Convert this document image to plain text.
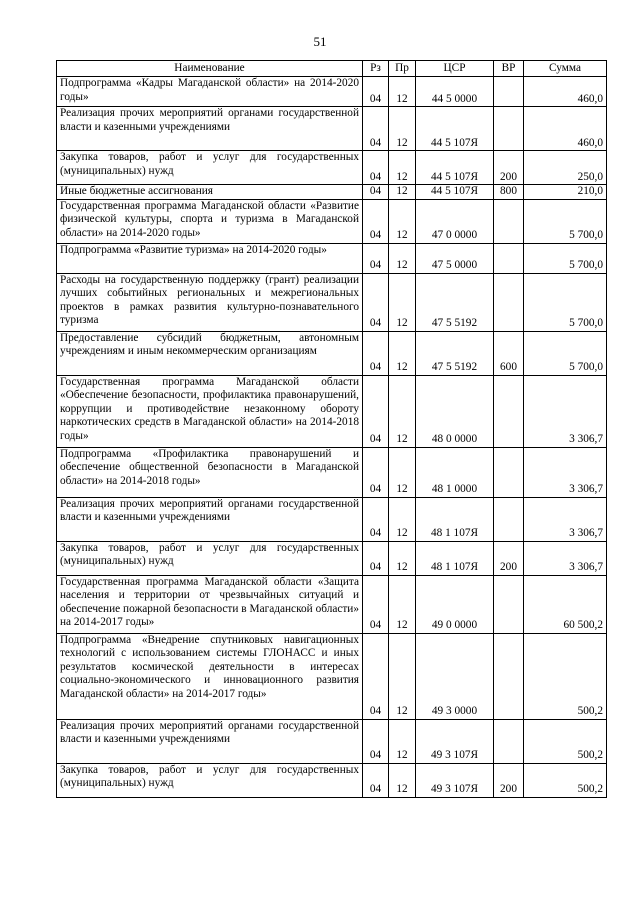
51
Наименование	Рз	Пр	ЦСР	ВР	Сумма
Подпрограмма «Кадры Магаданской области» на 2014-2020 годы»	04	12	44 5 0000		460,0
Реализация прочих мероприятий органами государственной власти и казенными учреждениями	04	12	44 5 107Я		460,0
Закупка товаров, работ и услуг для государственных (муниципальных) нужд	04	12	44 5 107Я	200	250,0
Иные бюджетные ассигнования	04	12	44 5 107Я	800	210,0
Государственная программа Магаданской области «Развитие физической культуры, спорта и туризма в Магаданской области» на 2014-2020 годы»	04	12	47 0 0000		5 700,0
Подпрограмма «Развитие туризма» на 2014-2020 годы»	04	12	47 5 0000		5 700,0
Расходы на государственную поддержку (грант) реализации лучших событийных региональных и межрегиональных проектов в рамках развития культурно-познавательного туризма	04	12	47 5 5192		5 700,0
Предоставление субсидий бюджетным, автономным учреждениям и иным некоммерческим организациям	04	12	47 5 5192	600	5 700,0
Государственная программа Магаданской области «Обеспечение безопасности, профилактика правонарушений, коррупции и противодействие незаконному обороту наркотических средств в Магаданской области» на 2014-2018 годы»	04	12	48 0 0000		3 306,7
Подпрограмма «Профилактика правонарушений и обеспечение общественной безопасности в Магаданской области» на 2014-2018 годы»	04	12	48 1 0000		3 306,7
Реализация прочих мероприятий органами государственной власти и казенными учреждениями	04	12	48 1 107Я		3 306,7
Закупка товаров, работ и услуг для государственных (муниципальных) нужд	04	12	48 1 107Я	200	3 306,7
Государственная программа Магаданской области «Защита населения и территории от чрезвычайных ситуаций и обеспечение пожарной безопасности в Магаданской области» на 2014-2017 годы»	04	12	49 0 0000		60 500,2
Подпрограмма «Внедрение спутниковых навигационных технологий с использованием системы ГЛОНАСС и иных результатов космической деятельности в интересах социально-экономического и инновационного развития Магаданской области» на 2014-2017 годы»	04	12	49 3 0000		500,2
Реализация прочих мероприятий органами государственной власти и казенными учреждениями	04	12	49 3 107Я		500,2
Закупка товаров, работ и услуг для государственных (муниципальных) нужд	04	12	49 3 107Я	200	500,2
